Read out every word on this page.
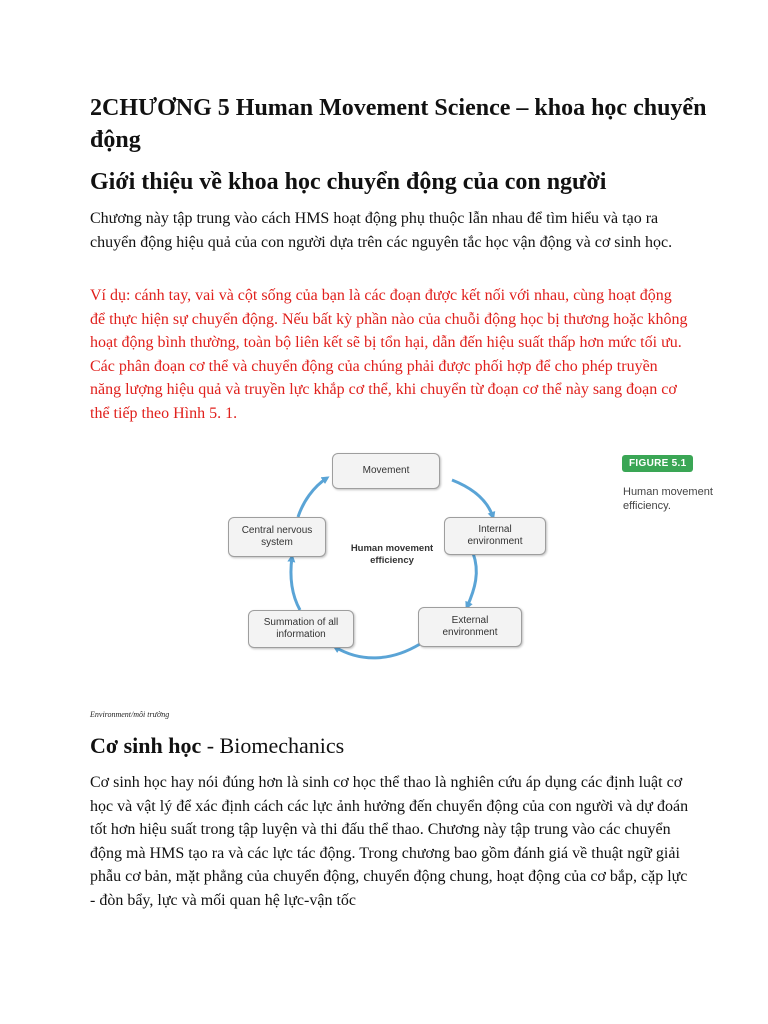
2CHƯƠNG 5 Human Movement Science – khoa học chuyển động
Giới thiệu về khoa học chuyển động của con người

Chương này tập trung vào cách HMS hoạt động phụ thuộc lẫn nhau để tìm hiểu và tạo ra chuyển động hiệu quả của con người dựa trên các nguyên tắc học vận động và cơ sinh học.

Ví dụ: cánh tay, vai và cột sống của bạn là các đoạn được kết nối với nhau, cùng hoạt động để thực hiện sự chuyển động. Nếu bất kỳ phần nào của chuỗi động học bị thương hoặc không hoạt động bình thường, toàn bộ liên kết sẽ bị tổn hại, dẫn đến hiệu suất thấp hơn mức tối ưu. Các phân đoạn cơ thể và chuyển động của chúng phải được phối hợp để cho phép truyền năng lượng hiệu quả và truyền lực khắp cơ thể, khi chuyển từ đoạn cơ thể này sang đoạn cơ thể tiếp theo Hình 5. 1.

Movement
Internal
environment
External
environment
Summation of all
information
Central nervous
system
Human movement
efficiency
FIGURE 5.1
Human movement
efficiency.
Environment/môi trường
Cơ sinh học - Biomechanics

Cơ sinh học hay nói đúng hơn là sinh cơ học thể thao là nghiên cứu áp dụng các định luật cơ học và vật lý để xác định cách các lực ảnh hưởng đến chuyển động của con người và dự đoán tốt hơn hiệu suất trong tập luyện và thi đấu thể thao. Chương này tập trung vào các chuyển động mà HMS tạo ra và các lực tác động. Trong chương bao gồm đánh giá về thuật ngữ giải phẫu cơ bản, mặt phẳng của chuyển động, chuyển động chung, hoạt động của cơ bắp, cặp lực - đòn bẩy, lực và mối quan hệ lực-vận tốc
